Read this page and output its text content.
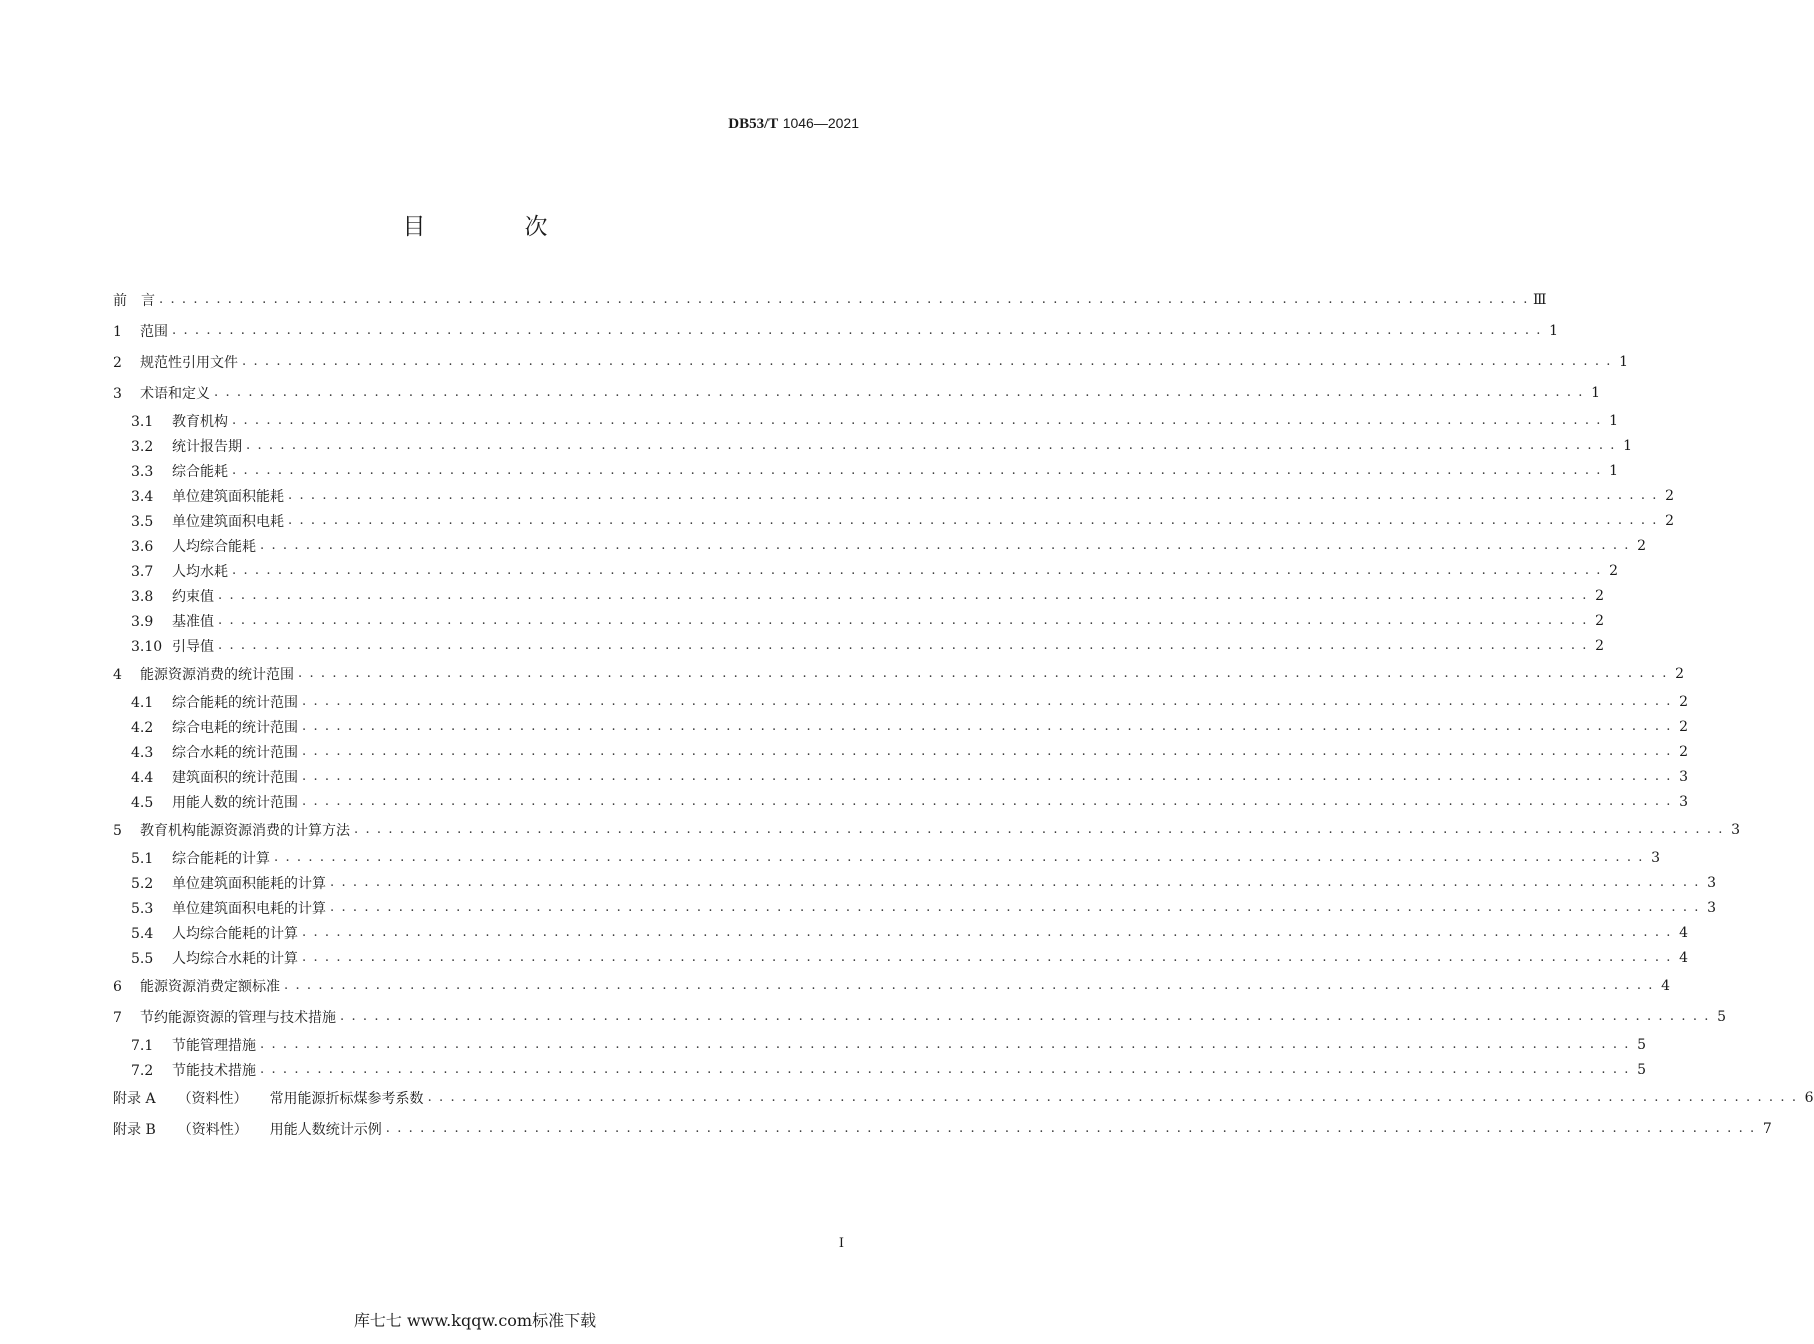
DB53/T 1046—2021
目　次
前　言 . . . . . . . . . . . . . . . . . . . . . . . . . . . . . . . . . . . . . . . . . . . . . . . . . . . . . . . . . . . . . . . . . . . . . . . . . . . . . . . . . . . . . . . . . . . . . . . . . . . . . . . . . . . . . . . . . . . . . . . . Ⅲ
1 范围 . . . . . . . . . . . . . . . . . . . . . . . . . . . . . . . . . . . . . . . . . . . . . . . . . . . . . . . . . . . . . . . . . . . . . . . . . . . . . . . . . . . . . . . . . . . . . . . . . . . . . . . . . . . . . . . . . . . . . . . . 1
2 规范性引用文件 . . . . . . . . . . . . . . . . . . . . . . . . . . . . . . . . . . . . . . . . . . . . . . . . . . . . . . . . . . . . . . . . . . . . . . . . . . . . . . . . . . . . . . . . . . . . . . . . . . . . . . . . . . . . . . . . . . . . . . . . 1
3 术语和定义 . . . . . . . . . . . . . . . . . . . . . . . . . . . . . . . . . . . . . . . . . . . . . . . . . . . . . . . . . . . . . . . . . . . . . . . . . . . . . . . . . . . . . . . . . . . . . . . . . . . . . . . . . . . . . . . . . . . . . . . . 1
3.1 教育机构 . . . . . . . . . . . . . . . . . . . . . . . . . . . . . . . . . . . . . . . . . . . . . . . . . . . . . . . . . . . . . . . . . . . . . . . . . . . . . . . . . . . . . . . . . . . . . . . . . . . . . . . . . . . . . . . . . . . . . . . . 1
3.2 统计报告期 . . . . . . . . . . . . . . . . . . . . . . . . . . . . . . . . . . . . . . . . . . . . . . . . . . . . . . . . . . . . . . . . . . . . . . . . . . . . . . . . . . . . . . . . . . . . . . . . . . . . . . . . . . . . . . . . . . . . . . . . 1
3.3 综合能耗 . . . . . . . . . . . . . . . . . . . . . . . . . . . . . . . . . . . . . . . . . . . . . . . . . . . . . . . . . . . . . . . . . . . . . . . . . . . . . . . . . . . . . . . . . . . . . . . . . . . . . . . . . . . . . . . . . . . . . . . . 1
3.4 单位建筑面积能耗 . . . . . . . . . . . . . . . . . . . . . . . . . . . . . . . . . . . . . . . . . . . . . . . . . . . . . . . . . . . . . . . . . . . . . . . . . . . . . . . . . . . . . . . . . . . . . . . . . . . . . . . . . . . . . . . . . . . . . . . . 2
3.5 单位建筑面积电耗 . . . . . . . . . . . . . . . . . . . . . . . . . . . . . . . . . . . . . . . . . . . . . . . . . . . . . . . . . . . . . . . . . . . . . . . . . . . . . . . . . . . . . . . . . . . . . . . . . . . . . . . . . . . . . . . . . . . . . . . . 2
3.6 人均综合能耗 . . . . . . . . . . . . . . . . . . . . . . . . . . . . . . . . . . . . . . . . . . . . . . . . . . . . . . . . . . . . . . . . . . . . . . . . . . . . . . . . . . . . . . . . . . . . . . . . . . . . . . . . . . . . . . . . . . . . . . . . 2
3.7 人均水耗 . . . . . . . . . . . . . . . . . . . . . . . . . . . . . . . . . . . . . . . . . . . . . . . . . . . . . . . . . . . . . . . . . . . . . . . . . . . . . . . . . . . . . . . . . . . . . . . . . . . . . . . . . . . . . . . . . . . . . . . . 2
3.8 约束值 . . . . . . . . . . . . . . . . . . . . . . . . . . . . . . . . . . . . . . . . . . . . . . . . . . . . . . . . . . . . . . . . . . . . . . . . . . . . . . . . . . . . . . . . . . . . . . . . . . . . . . . . . . . . . . . . . . . . . . . . 2
3.9 基准值 . . . . . . . . . . . . . . . . . . . . . . . . . . . . . . . . . . . . . . . . . . . . . . . . . . . . . . . . . . . . . . . . . . . . . . . . . . . . . . . . . . . . . . . . . . . . . . . . . . . . . . . . . . . . . . . . . . . . . . . . 2
3.10 引导值 . . . . . . . . . . . . . . . . . . . . . . . . . . . . . . . . . . . . . . . . . . . . . . . . . . . . . . . . . . . . . . . . . . . . . . . . . . . . . . . . . . . . . . . . . . . . . . . . . . . . . . . . . . . . . . . . . . . . . . . . 2
4 能源资源消费的统计范围 . . . . . . . . . . . . . . . . . . . . . . . . . . . . . . . . . . . . . . . . . . . . . . . . . . . . . . . . . . . . . . . . . . . . . . . . . . . . . . . . . . . . . . . . . . . . . . . . . . . . . . . . . . . . . . . . . . . . . . . . 2
4.1 综合能耗的统计范围 . . . . . . . . . . . . . . . . . . . . . . . . . . . . . . . . . . . . . . . . . . . . . . . . . . . . . . . . . . . . . . . . . . . . . . . . . . . . . . . . . . . . . . . . . . . . . . . . . . . . . . . . . . . . . . . . . . . . . . . . 2
4.2 综合电耗的统计范围 . . . . . . . . . . . . . . . . . . . . . . . . . . . . . . . . . . . . . . . . . . . . . . . . . . . . . . . . . . . . . . . . . . . . . . . . . . . . . . . . . . . . . . . . . . . . . . . . . . . . . . . . . . . . . . . . . . . . . . . . 2
4.3 综合水耗的统计范围 . . . . . . . . . . . . . . . . . . . . . . . . . . . . . . . . . . . . . . . . . . . . . . . . . . . . . . . . . . . . . . . . . . . . . . . . . . . . . . . . . . . . . . . . . . . . . . . . . . . . . . . . . . . . . . . . . . . . . . . . 2
4.4 建筑面积的统计范围 . . . . . . . . . . . . . . . . . . . . . . . . . . . . . . . . . . . . . . . . . . . . . . . . . . . . . . . . . . . . . . . . . . . . . . . . . . . . . . . . . . . . . . . . . . . . . . . . . . . . . . . . . . . . . . . . . . . . . . . . 3
4.5 用能人数的统计范围 . . . . . . . . . . . . . . . . . . . . . . . . . . . . . . . . . . . . . . . . . . . . . . . . . . . . . . . . . . . . . . . . . . . . . . . . . . . . . . . . . . . . . . . . . . . . . . . . . . . . . . . . . . . . . . . . . . . . . . . . 3
5 教育机构能源资源消费的计算方法 . . . . . . . . . . . . . . . . . . . . . . . . . . . . . . . . . . . . . . . . . . . . . . . . . . . . . . . . . . . . . . . . . . . . . . . . . . . . . . . . . . . . . . . . . . . . . . . . . . . . . . . . . . . . . . . . . . . . . . . . 3
5.1 综合能耗的计算 . . . . . . . . . . . . . . . . . . . . . . . . . . . . . . . . . . . . . . . . . . . . . . . . . . . . . . . . . . . . . . . . . . . . . . . . . . . . . . . . . . . . . . . . . . . . . . . . . . . . . . . . . . . . . . . . . . . . . . . . 3
5.2 单位建筑面积能耗的计算 . . . . . . . . . . . . . . . . . . . . . . . . . . . . . . . . . . . . . . . . . . . . . . . . . . . . . . . . . . . . . . . . . . . . . . . . . . . . . . . . . . . . . . . . . . . . . . . . . . . . . . . . . . . . . . . . . . . . . . . . 3
5.3 单位建筑面积电耗的计算 . . . . . . . . . . . . . . . . . . . . . . . . . . . . . . . . . . . . . . . . . . . . . . . . . . . . . . . . . . . . . . . . . . . . . . . . . . . . . . . . . . . . . . . . . . . . . . . . . . . . . . . . . . . . . . . . . . . . . . . . 3
5.4 人均综合能耗的计算 . . . . . . . . . . . . . . . . . . . . . . . . . . . . . . . . . . . . . . . . . . . . . . . . . . . . . . . . . . . . . . . . . . . . . . . . . . . . . . . . . . . . . . . . . . . . . . . . . . . . . . . . . . . . . . . . . . . . . . . . 4
5.5 人均综合水耗的计算 . . . . . . . . . . . . . . . . . . . . . . . . . . . . . . . . . . . . . . . . . . . . . . . . . . . . . . . . . . . . . . . . . . . . . . . . . . . . . . . . . . . . . . . . . . . . . . . . . . . . . . . . . . . . . . . . . . . . . . . . 4
6 能源资源消费定额标准 . . . . . . . . . . . . . . . . . . . . . . . . . . . . . . . . . . . . . . . . . . . . . . . . . . . . . . . . . . . . . . . . . . . . . . . . . . . . . . . . . . . . . . . . . . . . . . . . . . . . . . . . . . . . . . . . . . . . . . . . 4
7 节约能源资源的管理与技术措施 . . . . . . . . . . . . . . . . . . . . . . . . . . . . . . . . . . . . . . . . . . . . . . . . . . . . . . . . . . . . . . . . . . . . . . . . . . . . . . . . . . . . . . . . . . . . . . . . . . . . . . . . . . . . . . . . . . . . . . . . 5
7.1 节能管理措施 . . . . . . . . . . . . . . . . . . . . . . . . . . . . . . . . . . . . . . . . . . . . . . . . . . . . . . . . . . . . . . . . . . . . . . . . . . . . . . . . . . . . . . . . . . . . . . . . . . . . . . . . . . . . . . . . . . . . . . . . 5
7.2 节能技术措施 . . . . . . . . . . . . . . . . . . . . . . . . . . . . . . . . . . . . . . . . . . . . . . . . . . . . . . . . . . . . . . . . . . . . . . . . . . . . . . . . . . . . . . . . . . . . . . . . . . . . . . . . . . . . . . . . . . . . . . . . 5
附录 A （资料性） 常用能源折标煤参考系数 . . . . . . . . . . . . . . . . . . . . . . . . . . . . . . . . . . . . . . . . . . . . . . . . . . . . . . . . . . . . . . . . . . . . . . . . . . . . . . . . . . . . . . . . . . . . . . . . . . . . . . . . . . . . . . . . . . . . . . . . 6
附录 B （资料性） 用能人数统计示例 . . . . . . . . . . . . . . . . . . . . . . . . . . . . . . . . . . . . . . . . . . . . . . . . . . . . . . . . . . . . . . . . . . . . . . . . . . . . . . . . . . . . . . . . . . . . . . . . . . . . . . . . . . . . . . . . . . . . . . . . 7
I
库七七 www.kqqw.com标准下载
